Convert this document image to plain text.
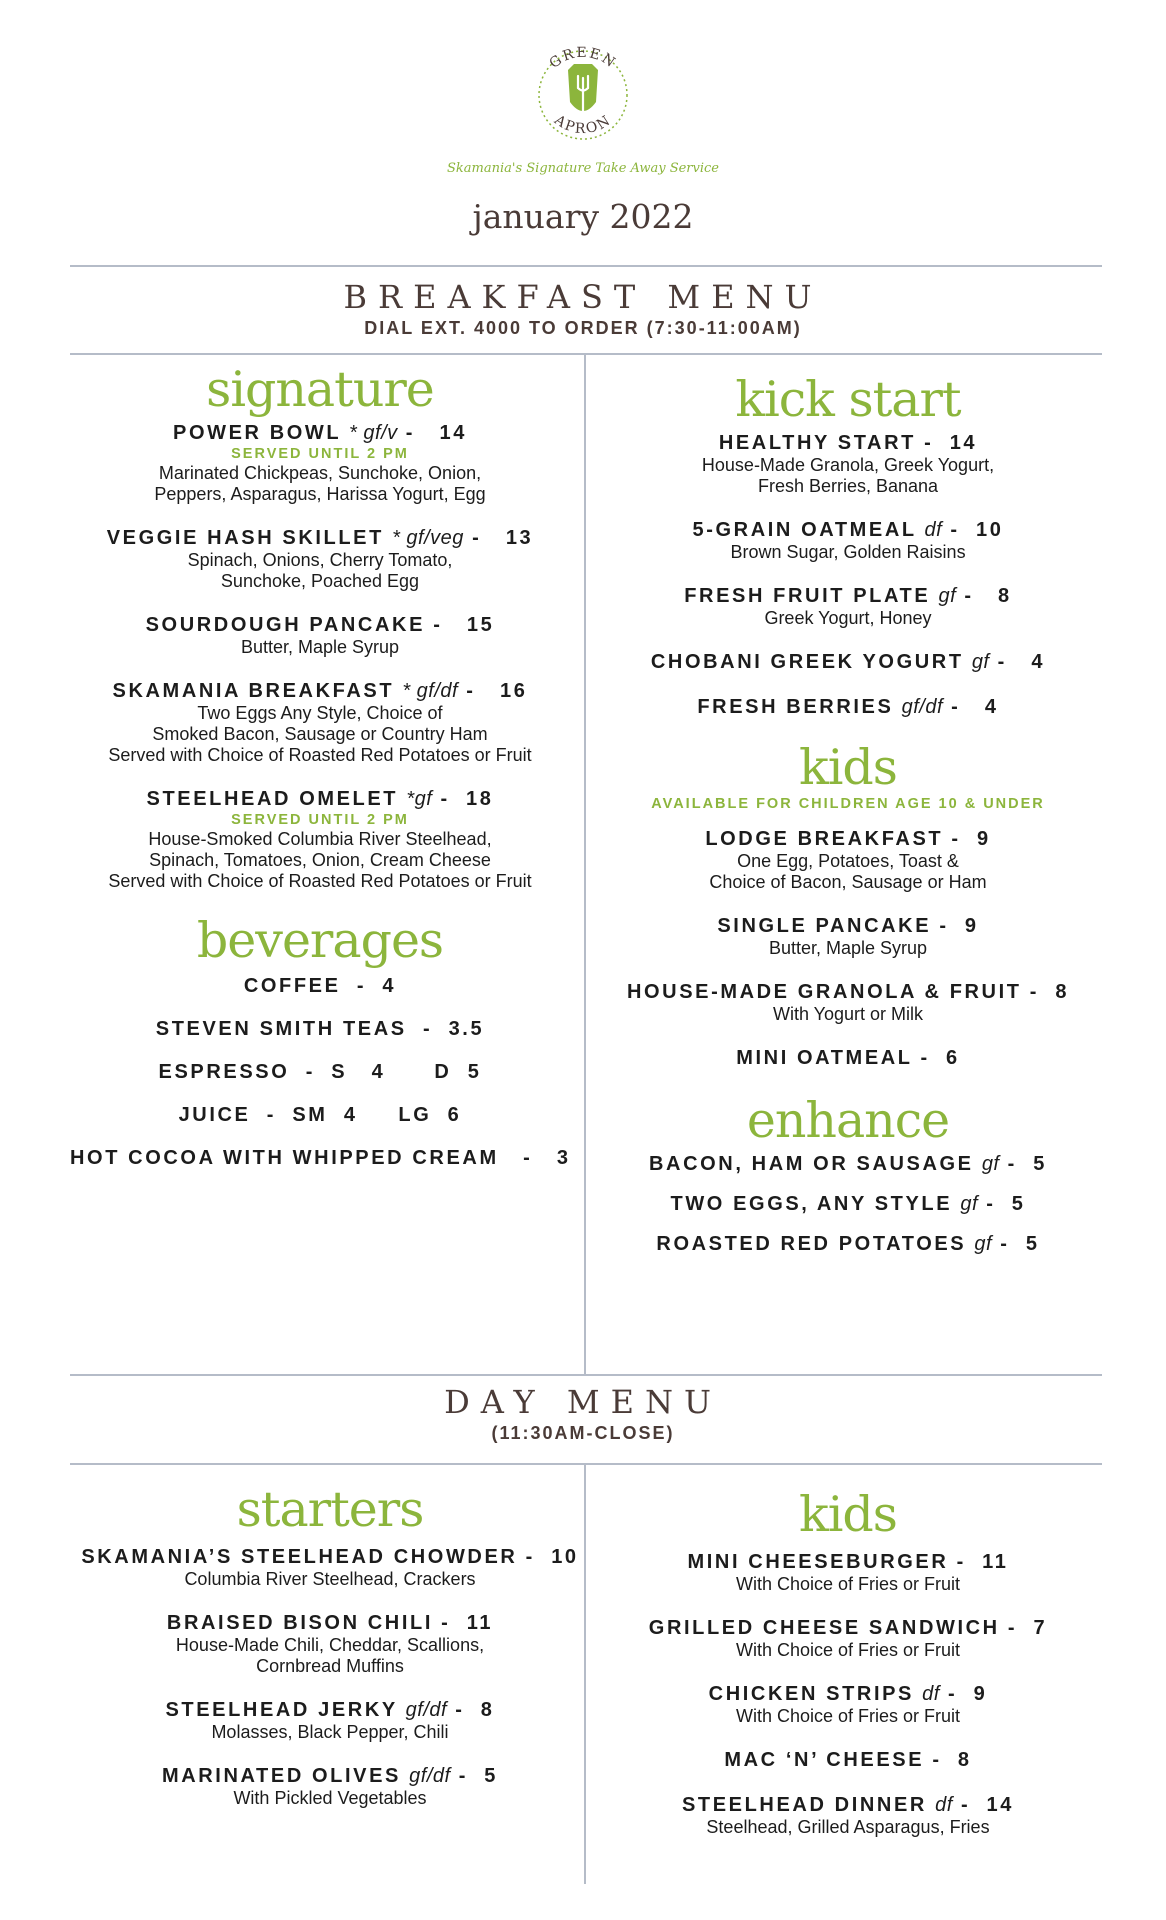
GREEN
APRON
Skamania's Signature Take Away Service
january 2022
BREAKFAST MENU
DIAL EXT. 4000 TO ORDER (7:30-11:00AM)
signature
POWER BOWL * gf/v -   14
SERVED UNTIL 2 PM
Marinated Chickpeas, Sunchoke, Onion,
Peppers, Asparagus, Harissa Yogurt, Egg
VEGGIE HASH SKILLET * gf/veg -   13
Spinach, Onions, Cherry Tomato,
Sunchoke, Poached Egg
SOURDOUGH PANCAKE -   15
Butter, Maple Syrup
SKAMANIA BREAKFAST * gf/df -   16
Two Eggs Any Style, Choice of
Smoked Bacon, Sausage or Country Ham
Served with Choice of Roasted Red Potatoes or Fruit
STEELHEAD OMELET *gf -  18
SERVED UNTIL 2 PM
House-Smoked Columbia River Steelhead,
Spinach, Tomatoes, Onion, Cream Cheese
Served with Choice of Roasted Red Potatoes or Fruit
beverages
COFFEE  -  4
STEVEN SMITH TEAS  -  3.5
ESPRESSO  -  S   4      D  5
JUICE  -  SM  4     LG  6
HOT COCOA WITH WHIPPED CREAM   -   3
kick start
HEALTHY START -  14
House-Made Granola, Greek Yogurt,
Fresh Berries, Banana
5-GRAIN OATMEAL df -  10
Brown Sugar, Golden Raisins
FRESH FRUIT PLATE gf -   8
Greek Yogurt, Honey
CHOBANI GREEK YOGURT gf -   4
FRESH BERRIES gf/df -   4
kids
AVAILABLE FOR CHILDREN AGE 10 & UNDER
LODGE BREAKFAST -  9
One Egg, Potatoes, Toast &
Choice of Bacon, Sausage or Ham
SINGLE PANCAKE -  9
Butter, Maple Syrup
HOUSE-MADE GRANOLA & FRUIT -  8
With Yogurt or Milk
MINI OATMEAL -  6
enhance
BACON, HAM OR SAUSAGE gf -  5
TWO EGGS, ANY STYLE gf -  5
ROASTED RED POTATOES gf -  5
DAY MENU
(11:30AM-CLOSE)
starters
SKAMANIA’S STEELHEAD CHOWDER -  10
Columbia River Steelhead, Crackers
BRAISED BISON CHILI -  11
House-Made Chili, Cheddar, Scallions,
Cornbread Muffins
STEELHEAD JERKY gf/df -  8
Molasses, Black Pepper, Chili
MARINATED OLIVES gf/df -  5
With Pickled Vegetables
kids
MINI CHEESEBURGER -  11
With Choice of Fries or Fruit
GRILLED CHEESE SANDWICH -  7
With Choice of Fries or Fruit
CHICKEN STRIPS df -  9
With Choice of Fries or Fruit
MAC ‘N’ CHEESE -  8
STEELHEAD DINNER df -  14
Steelhead, Grilled Asparagus, Fries
